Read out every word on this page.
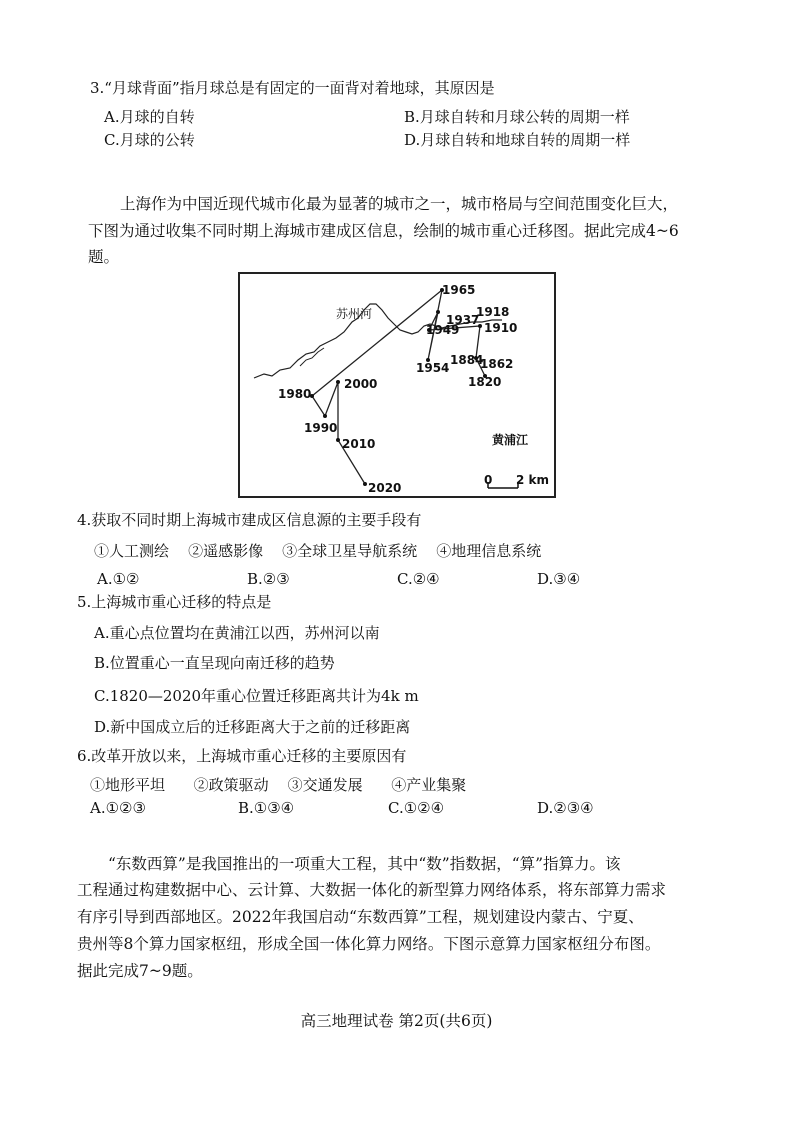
3.“月球背面”指月球总是有固定的一面背对着地球，其原因是
A.月球的自转	B.月球自转和月球公转的周期一样
C.月球的公转	D.月球自转和地球自转的周期一样
上海作为中国近现代城市化最为显著的城市之一，城市格局与空间范围变化巨大，
下图为通过收集不同时期上海城市建成区信息，绘制的城市重心迁移图。据此完成4~6
题。
苏州河
黄浦江
1965
1918
1937
1949 1910
1884
1862
1954
1820
2000
1980
1990
2010
2020
0 2 km
4.获取不同时期上海城市建成区信息源的主要手段有
①人工测绘    ②遥感影像    ③全球卫星导航系统    ④地理信息系统
A.①②	B.②③	C.②④	D.③④
5.上海城市重心迁移的特点是
A.重心点位置均在黄浦江以西，苏州河以南
B.位置重心一直呈现向南迁移的趋势
C.1820—2020年重心位置迁移距离共计为4k m
D.新中国成立后的迁移距离大于之前的迁移距离
6.改革开放以来，上海城市重心迁移的主要原因有
①地形平坦      ②政策驱动    ③交通发展      ④产业集聚
A.①②③	B.①③④	C.①②④	D.②③④
“东数西算”是我国推出的一项重大工程，其中“数”指数据，“算”指算力。该
工程通过构建数据中心、云计算、大数据一体化的新型算力网络体系，将东部算力需求
有序引导到西部地区。2022年我国启动“东数西算”工程，规划建设内蒙古、宁夏、
贵州等8个算力国家枢纽，形成全国一体化算力网络。下图示意算力国家枢纽分布图。
据此完成7~9题。
高三地理试卷 第2页(共6页)
